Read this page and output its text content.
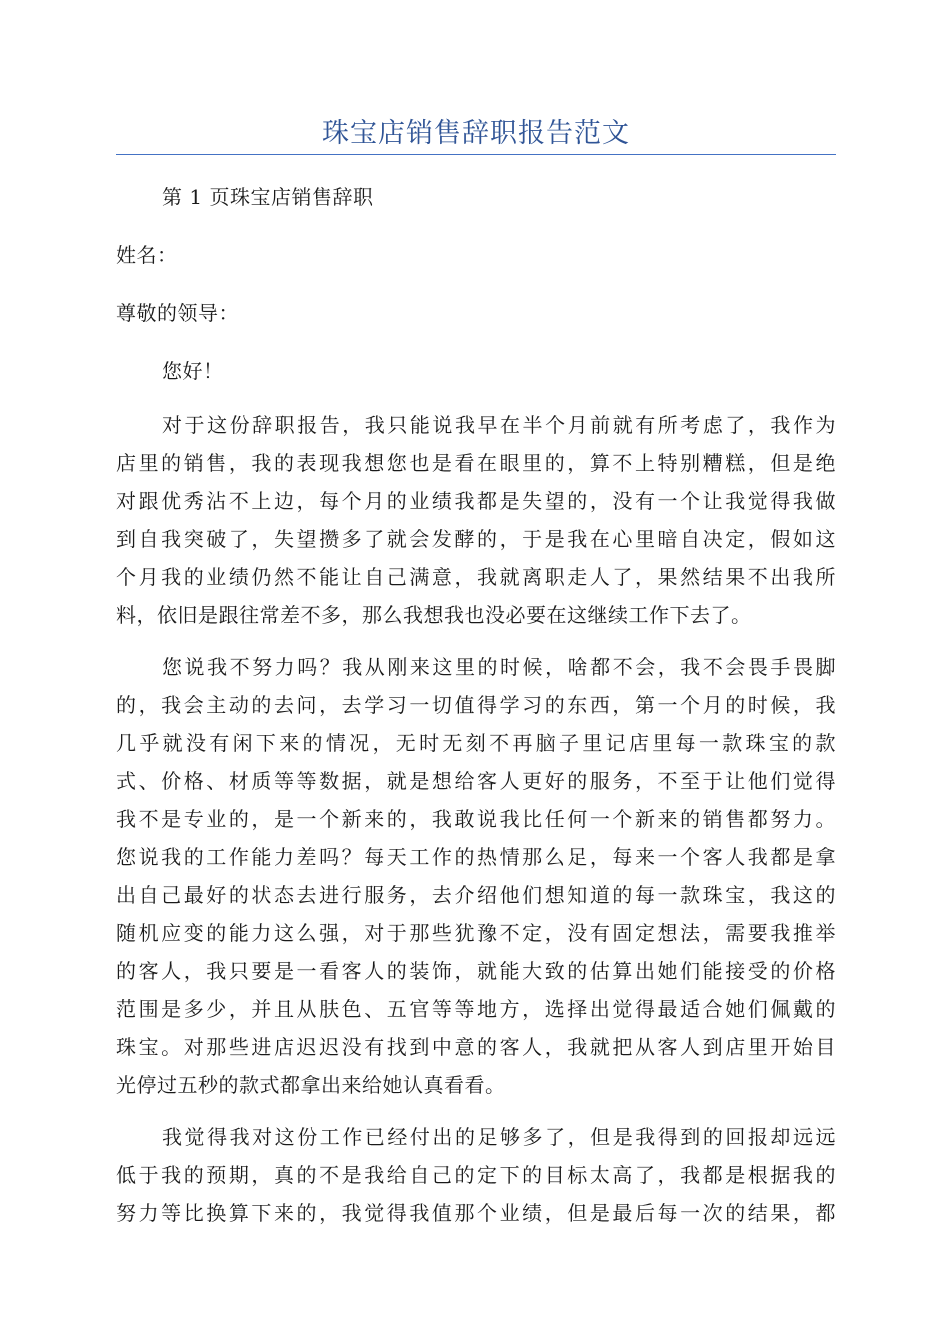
珠宝店销售辞职报告范文

第 1 页珠宝店销售辞职

姓名：

尊敬的领导：

您好！

对于这份辞职报告，我只能说我早在半个月前就有所考虑了，我作为

店里的销售，我的表现我想您也是看在眼里的，算不上特别糟糕，但是绝

对跟优秀沾不上边，每个月的业绩我都是失望的，没有一个让我觉得我做

到自我突破了，失望攒多了就会发酵的，于是我在心里暗自决定，假如这

个月我的业绩仍然不能让自己满意，我就离职走人了，果然结果不出我所

料，依旧是跟往常差不多，那么我想我也没必要在这继续工作下去了。

您说我不努力吗？我从刚来这里的时候，啥都不会，我不会畏手畏脚

的，我会主动的去问，去学习一切值得学习的东西，第一个月的时候，我

几乎就没有闲下来的情况，无时无刻不再脑子里记店里每一款珠宝的款

式、价格、材质等等数据，就是想给客人更好的服务，不至于让他们觉得

我不是专业的，是一个新来的，我敢说我比任何一个新来的销售都努力。

您说我的工作能力差吗？每天工作的热情那么足，每来一个客人我都是拿

出自己最好的状态去进行服务，去介绍他们想知道的每一款珠宝，我这的

随机应变的能力这么强，对于那些犹豫不定，没有固定想法，需要我推举

的客人，我只要是一看客人的装饰，就能大致的估算出她们能接受的价格

范围是多少，并且从肤色、五官等等地方，选择出觉得最适合她们佩戴的

珠宝。对那些进店迟迟没有找到中意的客人，我就把从客人到店里开始目

光停过五秒的款式都拿出来给她认真看看。

我觉得我对这份工作已经付出的足够多了，但是我得到的回报却远远

低于我的预期，真的不是我给自己的定下的目标太高了，我都是根据我的

努力等比换算下来的，我觉得我值那个业绩，但是最后每一次的结果，都
